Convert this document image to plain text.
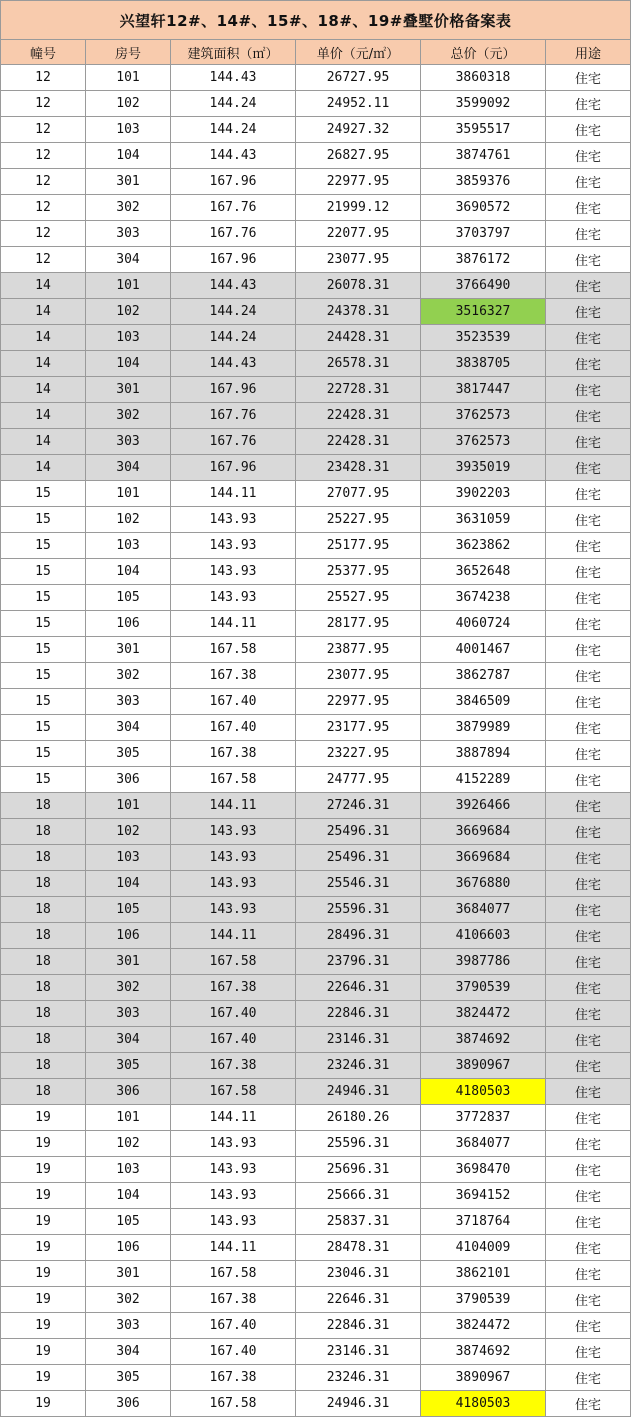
兴望轩12#、14#、15#、18#、19#叠墅价格备案表					
幢号	房号	建筑面积（㎡）	单价（元/㎡）	总价（元）	用途
12	101	144.43	26727.95	3860318	住宅
12	102	144.24	24952.11	3599092	住宅
12	103	144.24	24927.32	3595517	住宅
12	104	144.43	26827.95	3874761	住宅
12	301	167.96	22977.95	3859376	住宅
12	302	167.76	21999.12	3690572	住宅
12	303	167.76	22077.95	3703797	住宅
12	304	167.96	23077.95	3876172	住宅
14	101	144.43	26078.31	3766490	住宅
14	102	144.24	24378.31	3516327	住宅
14	103	144.24	24428.31	3523539	住宅
14	104	144.43	26578.31	3838705	住宅
14	301	167.96	22728.31	3817447	住宅
14	302	167.76	22428.31	3762573	住宅
14	303	167.76	22428.31	3762573	住宅
14	304	167.96	23428.31	3935019	住宅
15	101	144.11	27077.95	3902203	住宅
15	102	143.93	25227.95	3631059	住宅
15	103	143.93	25177.95	3623862	住宅
15	104	143.93	25377.95	3652648	住宅
15	105	143.93	25527.95	3674238	住宅
15	106	144.11	28177.95	4060724	住宅
15	301	167.58	23877.95	4001467	住宅
15	302	167.38	23077.95	3862787	住宅
15	303	167.40	22977.95	3846509	住宅
15	304	167.40	23177.95	3879989	住宅
15	305	167.38	23227.95	3887894	住宅
15	306	167.58	24777.95	4152289	住宅
18	101	144.11	27246.31	3926466	住宅
18	102	143.93	25496.31	3669684	住宅
18	103	143.93	25496.31	3669684	住宅
18	104	143.93	25546.31	3676880	住宅
18	105	143.93	25596.31	3684077	住宅
18	106	144.11	28496.31	4106603	住宅
18	301	167.58	23796.31	3987786	住宅
18	302	167.38	22646.31	3790539	住宅
18	303	167.40	22846.31	3824472	住宅
18	304	167.40	23146.31	3874692	住宅
18	305	167.38	23246.31	3890967	住宅
18	306	167.58	24946.31	4180503	住宅
19	101	144.11	26180.26	3772837	住宅
19	102	143.93	25596.31	3684077	住宅
19	103	143.93	25696.31	3698470	住宅
19	104	143.93	25666.31	3694152	住宅
19	105	143.93	25837.31	3718764	住宅
19	106	144.11	28478.31	4104009	住宅
19	301	167.58	23046.31	3862101	住宅
19	302	167.38	22646.31	3790539	住宅
19	303	167.40	22846.31	3824472	住宅
19	304	167.40	23146.31	3874692	住宅
19	305	167.38	23246.31	3890967	住宅
19	306	167.58	24946.31	4180503	住宅
